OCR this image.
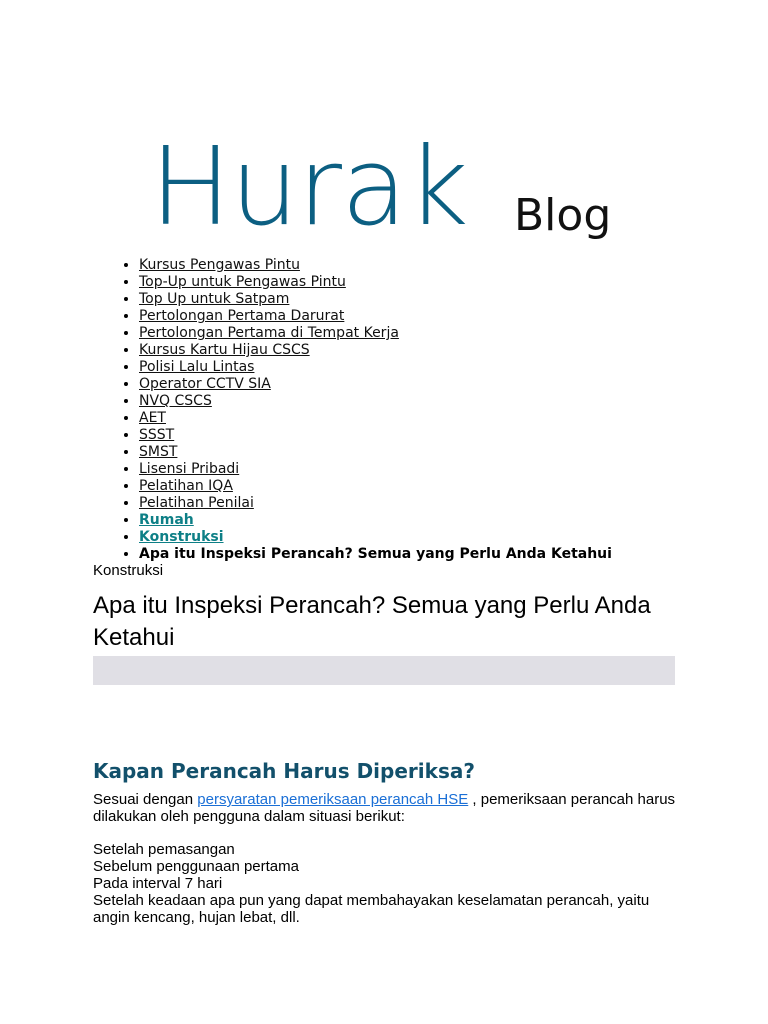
Hurak Blog
• Kursus Pengawas Pintu
• Top-Up untuk Pengawas Pintu
• Top Up untuk Satpam
• Pertolongan Pertama Darurat
• Pertolongan Pertama di Tempat Kerja
• Kursus Kartu Hijau CSCS
• Polisi Lalu Lintas
• Operator CCTV SIA
• NVQ CSCS
• AET
• SSST
• SMST
• Lisensi Pribadi
• Pelatihan IQA
• Pelatihan Penilai
• Rumah
• Konstruksi
• Apa itu Inspeksi Perancah? Semua yang Perlu Anda Ketahui
Konstruksi
Apa itu Inspeksi Perancah? Semua yang Perlu Anda Ketahui
Kapan Perancah Harus Diperiksa?
Sesuai dengan persyaratan pemeriksaan perancah HSE , pemeriksaan perancah harus dilakukan oleh pengguna dalam situasi berikut:
Setelah pemasangan
Sebelum penggunaan pertama
Pada interval 7 hari
Setelah keadaan apa pun yang dapat membahayakan keselamatan perancah, yaitu angin kencang, hujan lebat, dll.
